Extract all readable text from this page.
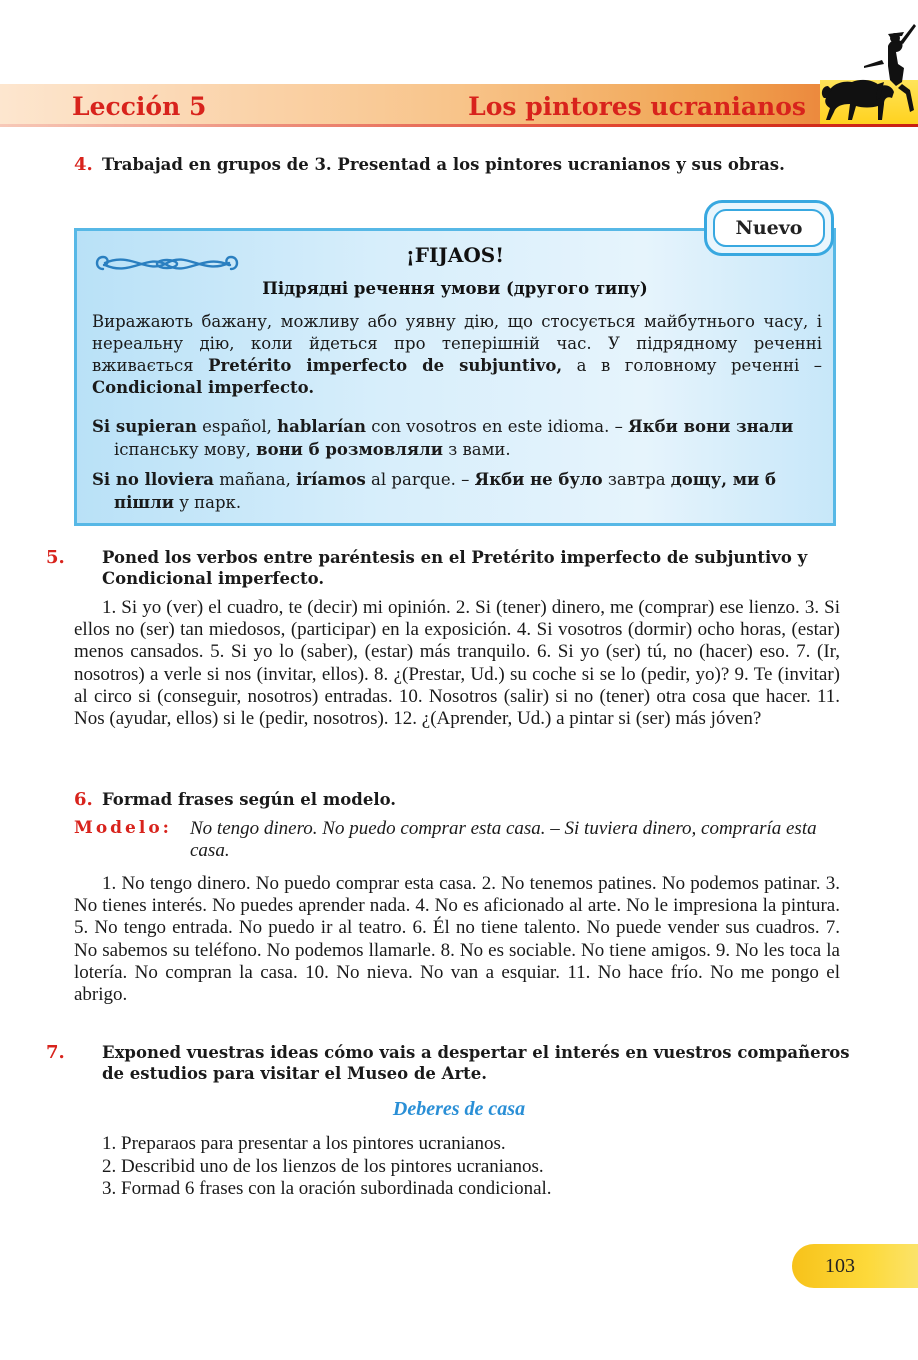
Lección 5	Los pintores ucranianos
4. Trabajad en grupos de 3. Presentad a los pintores ucranianos y sus obras.
¡FIJAOS!
Підрядні речення умови (другого типу)
Виражають бажану, можливу або уявну дію, що стосується майбутнього часу, і нереальну дію, коли йдеться про теперішній час. У підрядному реченні вживається Pretérito imperfecto de subjuntivo, а в головному реченні – Condicional imperfecto.
Si supieran español, hablarían con vosotros en este idioma. – Якби вони знали іспанську мову, вони б розмовляли з вами.
Si no lloviera mañana, iríamos al parque. – Якби не було завтра дощу, ми б пішли у парк.
Nuevo
5. Poned los verbos entre paréntesis en el Pretérito imperfecto de subjuntivo y Condicional imperfecto.
1. Si yo (ver) el cuadro, te (decir) mi opinión. 2. Si (tener) dinero, me (comprar) ese lienzo. 3. Si ellos no (ser) tan miedosos, (participar) en la exposición. 4. Si vosotros (dormir) ocho horas, (estar) menos cansados. 5. Si yo lo (saber), (estar) más tranquilo. 6. Si yo (ser) tú, no (hacer) eso. 7. (Ir, nosotros) a verle si nos (invitar, ellos). 8. ¿(Prestar, Ud.) su coche si se lo (pedir, yo)? 9. Te (invitar) al circo si (conseguir, nosotros) entradas. 10. Nosotros (salir) si no (tener) otra cosa que hacer. 11. Nos (ayudar, ellos) si le (pedir, nosotros). 12. ¿(Aprender, Ud.) a pintar si (ser) más jóven?
6. Formad frases según el modelo.
Modelo: No tengo dinero. No puedo comprar esta casa. – Si tuviera dinero, compraría esta casa.
1. No tengo dinero. No puedo comprar esta casa. 2. No tenemos patines. No podemos patinar. 3. No tienes interés. No puedes aprender nada. 4. No es aficionado al arte. No le impresiona la pintura. 5. No tengo entrada. No puedo ir al teatro. 6. Él no tiene talento. No puede vender sus cuadros. 7. No sabemos su teléfono. No podemos llamarle. 8. No es sociable. No tiene amigos. 9. No les toca la lotería. No compran la casa. 10. No nieva. No van a esquiar. 11. No hace frío. No me pongo el abrigo.
7. Exponed vuestras ideas cómo vais a despertar el interés en vuestros compañeros de estudios para visitar el Museo de Arte.
Deberes de casa
1. Preparaos para presentar a los pintores ucranianos.
2. Describid uno de los lienzos de los pintores ucranianos.
3. Formad 6 frases con la oración subordinada condicional.
103
